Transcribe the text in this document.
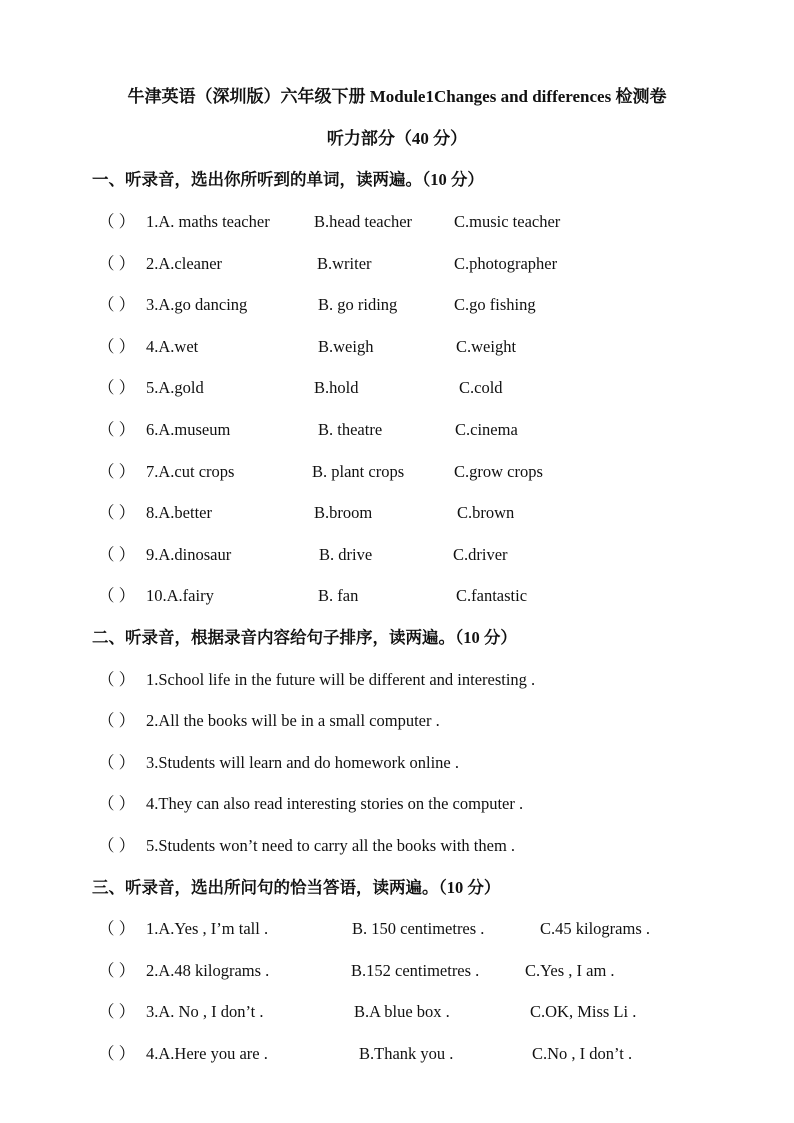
牛津英语（深圳版）六年级下册 Module1Changes and differences 检测卷
听力部分（40 分）
一、听录音，选出你所听到的单词，读两遍。（10 分）
（ ） 1.A. maths teacher	B.head teacher	C.music teacher
（ ） 2.A.cleaner	B.writer	C.photographer
（ ） 3.A.go dancing	B. go riding	C.go fishing
（ ） 4.A.wet	B.weigh	C.weight
（ ） 5.A.gold	B.hold	C.cold
（ ） 6.A.museum	B. theatre	C.cinema
（ ） 7.A.cut crops	B. plant crops	C.grow crops
（ ） 8.A.better	B.broom	C.brown
（ ） 9.A.dinosaur	B. drive	C.driver
（ ） 10.A.fairy	B. fan	C.fantastic
二、听录音，根据录音内容给句子排序，读两遍。（10 分）
（ ） 1.School life in the future will be different and interesting .
（ ） 2.All the books will be in a small computer .
（ ） 3.Students will learn and do homework online .
（ ） 4.They can also read interesting stories on the computer .
（ ） 5.Students won’t need to carry all the books with them .
三、听录音，选出所问句的恰当答语，读两遍。（10 分）
（ ） 1.A.Yes , I’m tall .	B. 150 centimetres .	C.45 kilograms .
（ ） 2.A.48 kilograms .	B.152 centimetres .	C.Yes , I am .
（ ） 3.A. No , I don’t .	B.A blue box .	C.OK, Miss Li .
（ ） 4.A.Here you are .	B.Thank you .	C.No , I don’t .
